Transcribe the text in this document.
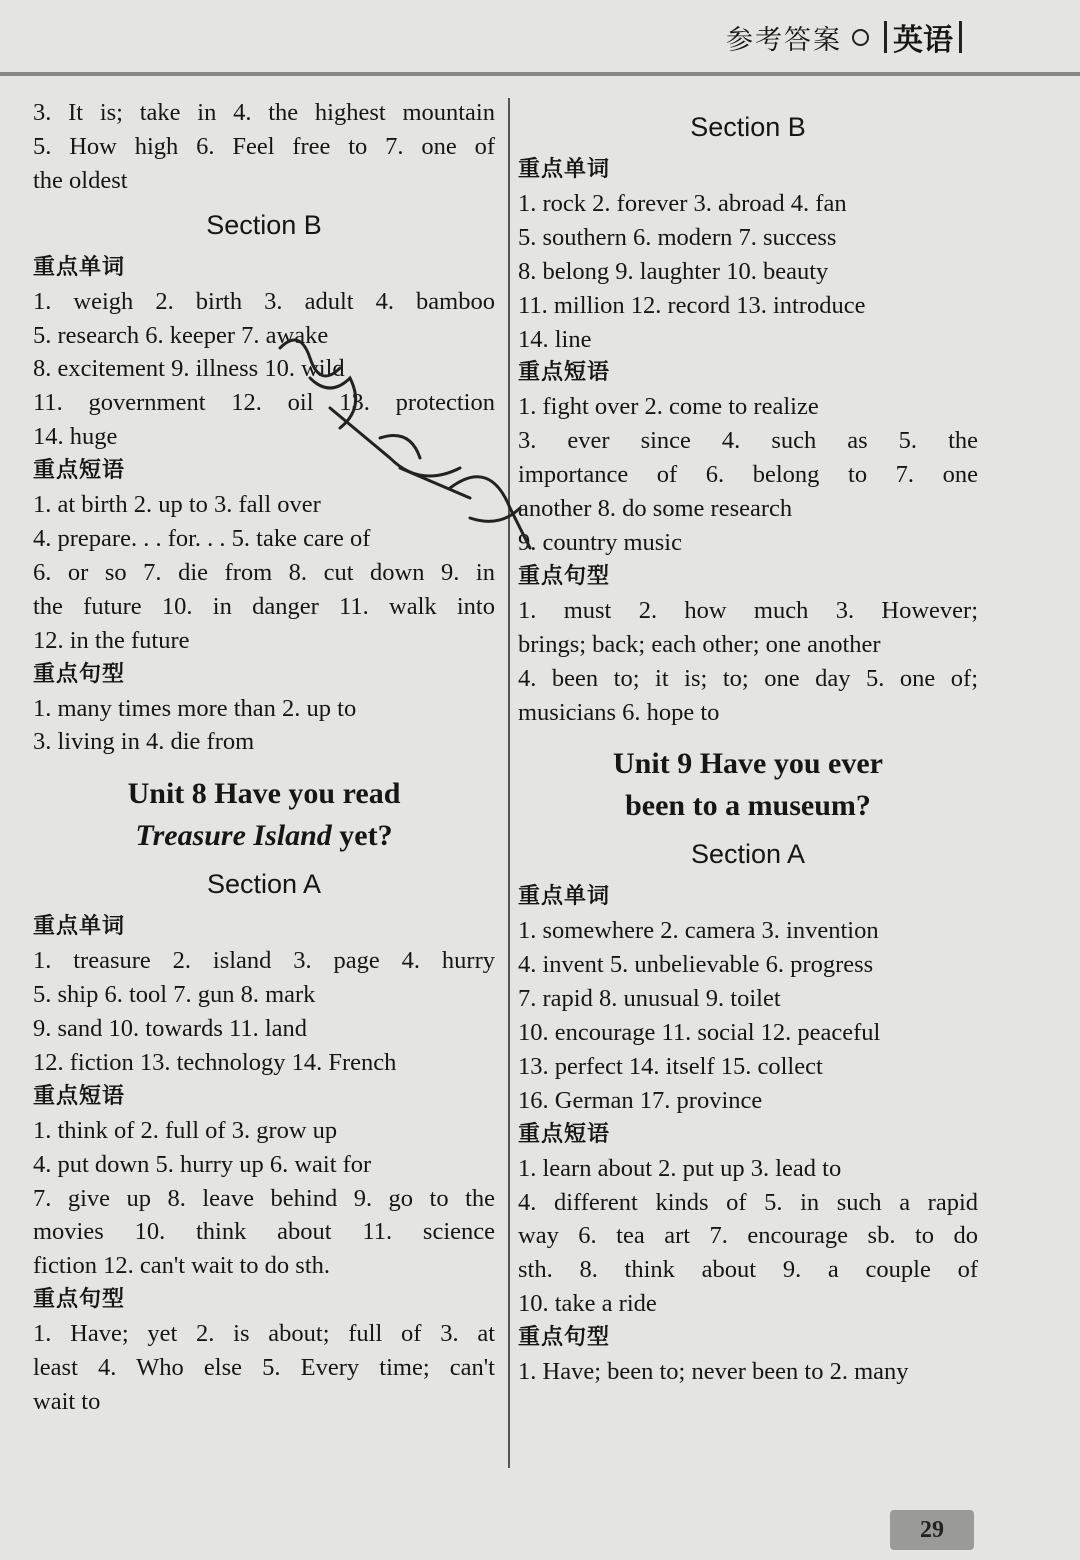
参考答案 英语
3. It is; take in 4. the highest mountain
5. How high 6. Feel free to 7. one of
the oldest
Section B
重点单词
1. weigh 2. birth 3. adult 4. bamboo
5. research 6. keeper 7. awake
8. excitement 9. illness 10. wild
11. government 12. oil 13. protection
14. huge
重点短语
1. at birth 2. up to 3. fall over
4. prepare. . . for. . . 5. take care of
6. or so 7. die from 8. cut down 9. in
the future 10. in danger 11. walk into
12. in the future
重点句型
1. many times more than 2. up to
3. living in 4. die from
Unit 8 Have you read
Treasure Island yet?
Section A
重点单词
1. treasure 2. island 3. page 4. hurry
5. ship 6. tool 7. gun 8. mark
9. sand 10. towards 11. land
12. fiction 13. technology 14. French
重点短语
1. think of 2. full of 3. grow up
4. put down 5. hurry up 6. wait for
7. give up 8. leave behind 9. go to the
movies 10. think about 11. science
fiction 12. can't wait to do sth.
重点句型
1. Have; yet 2. is about; full of 3. at
least 4. Who else 5. Every time; can't
wait to
Section B
重点单词
1. rock 2. forever 3. abroad 4. fan
5. southern 6. modern 7. success
8. belong 9. laughter 10. beauty
11. million 12. record 13. introduce
14. line
重点短语
1. fight over 2. come to realize
3. ever since 4. such as 5. the
importance of 6. belong to 7. one
another 8. do some research
9. country music
重点句型
1. must 2. how much 3. However;
brings; back; each other; one another
4. been to; it is; to; one day 5. one of;
musicians 6. hope to
Unit 9 Have you ever
been to a museum?
Section A
重点单词
1. somewhere 2. camera 3. invention
4. invent 5. unbelievable 6. progress
7. rapid 8. unusual 9. toilet
10. encourage 11. social 12. peaceful
13. perfect 14. itself 15. collect
16. German 17. province
重点短语
1. learn about 2. put up 3. lead to
4. different kinds of 5. in such a rapid
way 6. tea art 7. encourage sb. to do
sth. 8. think about 9. a couple of
10. take a ride
重点句型
1. Have; been to; never been to 2. many
29
